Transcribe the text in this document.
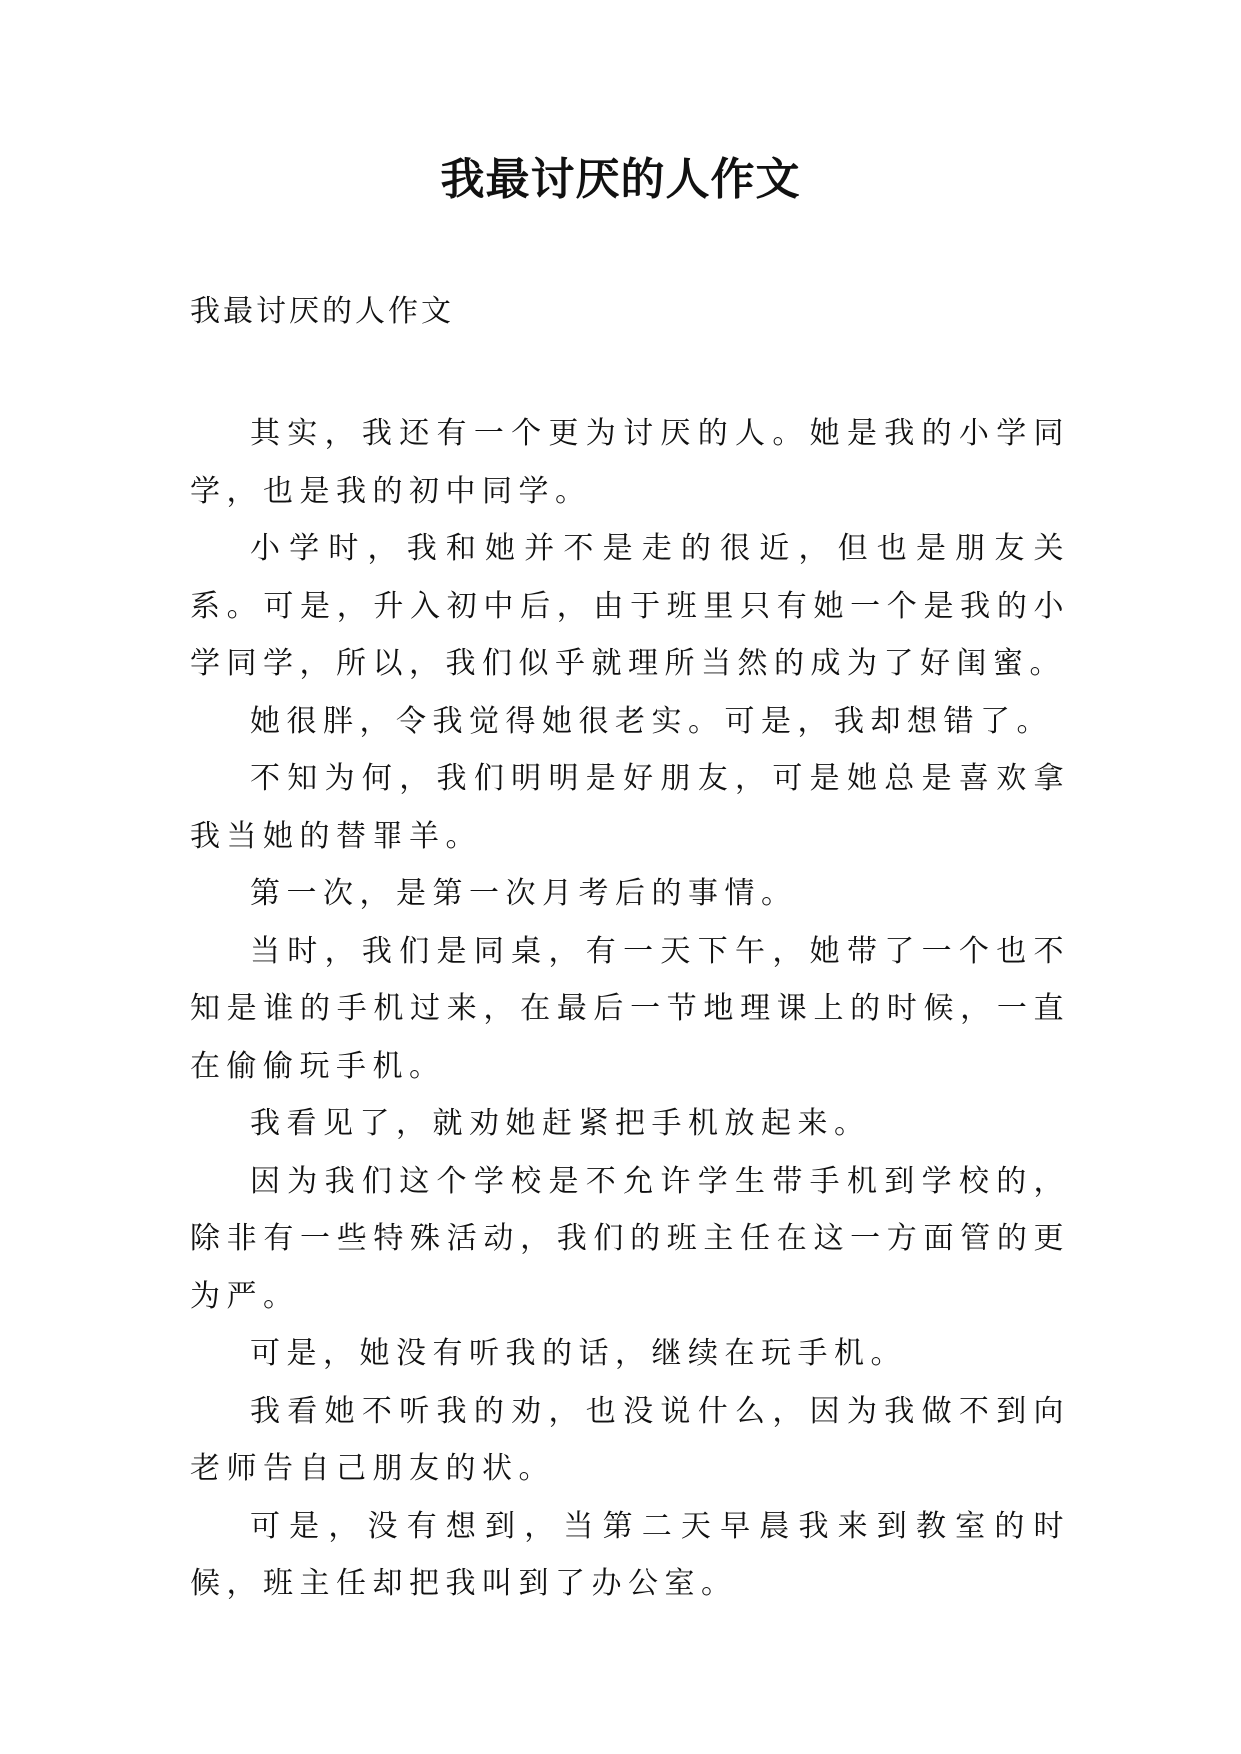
我最讨厌的人作文

我最讨厌的人作文

其实，我还有一个更为讨厌的人。她是我的小学同学，也是我的初中同学。

小学时，我和她并不是走的很近，但也是朋友关系。可是，升入初中后，由于班里只有她一个是我的小学同学，所以，我们似乎就理所当然的成为了好闺蜜。

她很胖，令我觉得她很老实。可是，我却想错了。

不知为何，我们明明是好朋友，可是她总是喜欢拿我当她的替罪羊。

第一次，是第一次月考后的事情。

当时，我们是同桌，有一天下午，她带了一个也不知是谁的手机过来，在最后一节地理课上的时候，一直在偷偷玩手机。

我看见了，就劝她赶紧把手机放起来。

因为我们这个学校是不允许学生带手机到学校的，除非有一些特殊活动，我们的班主任在这一方面管的更为严。

可是，她没有听我的话，继续在玩手机。

我看她不听我的劝，也没说什么，因为我做不到向老师告自己朋友的状。

可是，没有想到，当第二天早晨我来到教室的时候，班主任却把我叫到了办公室。
